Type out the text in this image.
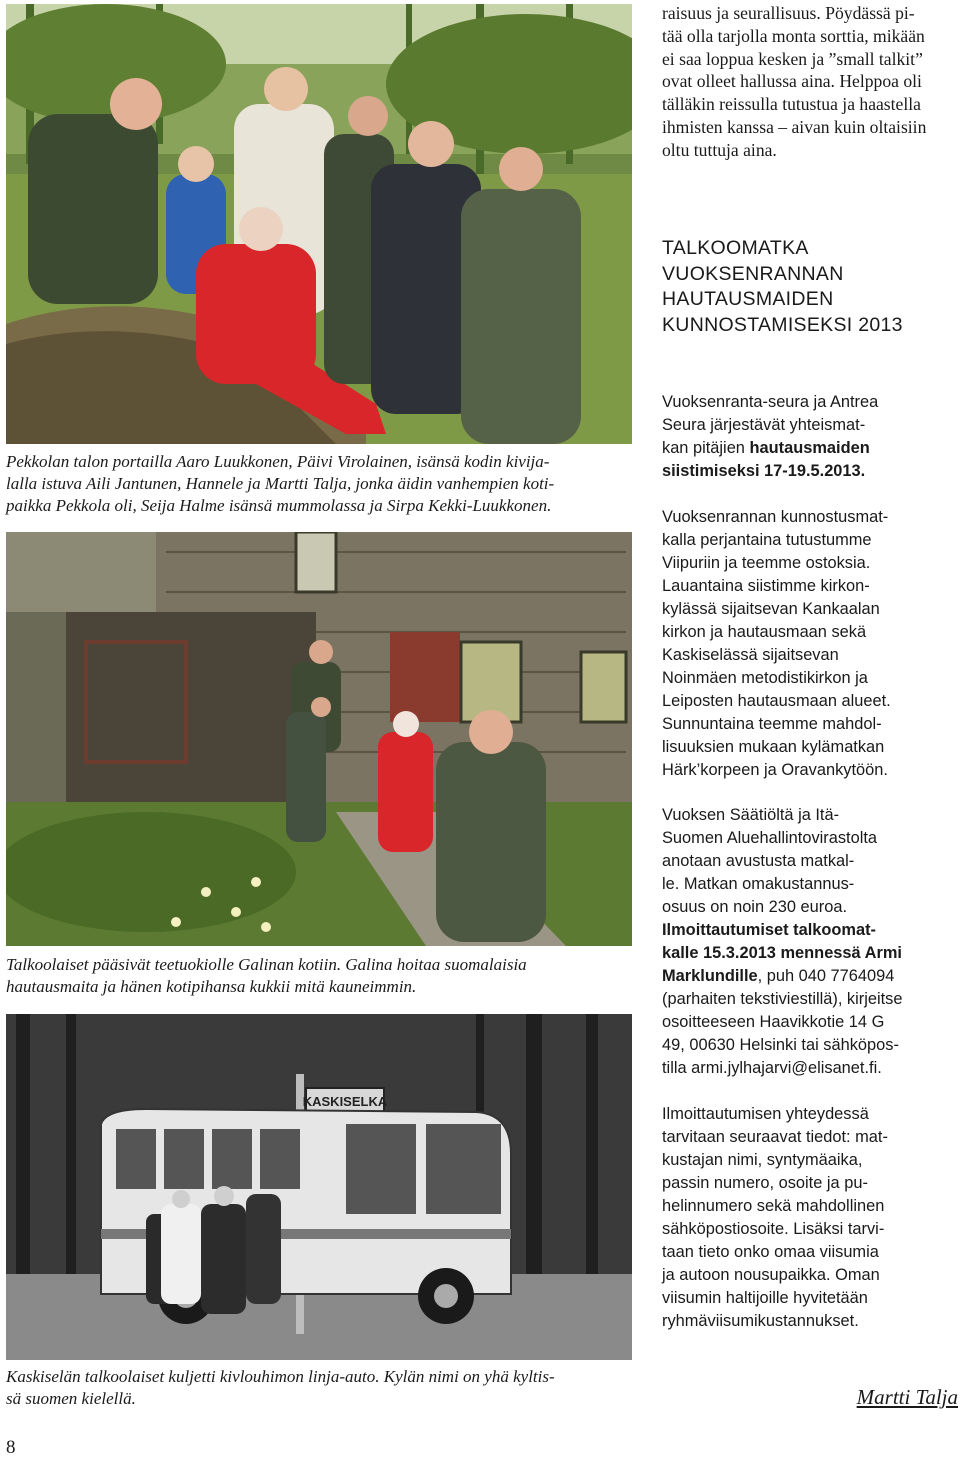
Pekkolan talon portailla Aaro Luukkonen, Päivi Virolainen, isänsä kodin kivija-
lalla istuva Aili Jantunen, Hannele ja Martti Talja, jonka äidin vanhempien koti-
paikka Pekkola oli, Seija Halme isänsä mummolassa ja Sirpa Kekki-Luukkonen.
Talkoolaiset pääsivät teetuokiolle Galinan kotiin. Galina hoitaa suomalaisia
hautausmaita ja hänen kotipihansa kukkii mitä kauneimmin.
KASKISELKA
Kaskiselän talkoolaiset kuljetti kivlouhimon linja-auto. Kylän nimi on yhä kyltis-
sä suomen kielellä.
8
raisuus ja seurallisuus. Pöydässä pi-
tää olla tarjolla monta sorttia, mikään
ei saa loppua kesken ja ”small talkit”
ovat olleet hallussa aina. Helppoa oli
tälläkin reissulla tutustua ja haastella
ihmisten kanssa – aivan kuin oltaisiin
oltu tuttuja aina.
TALKOOMATKA
VUOKSENRANNAN
HAUTAUSMAIDEN
KUNNOSTAMISEKSI 2013
Vuoksenranta-seura ja Antrea
Seura järjestävät yhteismat-
kan pitäjien hautausmaiden
siistimiseksi 17-19.5.2013.
Vuoksenrannan kunnostusmat-
kalla perjantaina tutustumme
Viipuriin ja teemme ostoksia.
Lauantaina siistimme kirkon-
kylässä sijaitsevan Kankaalan
kirkon ja hautausmaan sekä
Kaskiselässä sijaitsevan
Noinmäen metodistikirkon ja
Leiposten hautausmaan alueet.
Sunnuntaina teemme mahdol-
lisuuksien mukaan kylämatkan
Härk’korpeen ja Oravankytöön.
Vuoksen Säätiöltä ja Itä-
Suomen Aluehallintovirastolta
anotaan avustusta matkal-
le. Matkan omakustannus-
osuus on noin 230 euroa.
Ilmoittautumiset talkoomat-
kalle 15.3.2013 mennessä Armi
Marklundille, puh 040 7764094
(parhaiten tekstiviestillä), kirjeitse
osoitteeseen Haavikkotie 14 G
49, 00630 Helsinki tai sähköpos-
tilla armi.jylhajarvi@elisanet.fi.
Ilmoittautumisen yhteydessä
tarvitaan seuraavat tiedot: mat-
kustajan nimi, syntymäaika,
passin numero, osoite ja pu-
helinnumero sekä mahdollinen
sähköpostiosoite. Lisäksi tarvi-
taan tieto onko omaa viisumia
ja autoon nousupaikka. Oman
viisumin haltijoille hyvitetään
ryhmäviisumikustannukset.
Martti Talja
